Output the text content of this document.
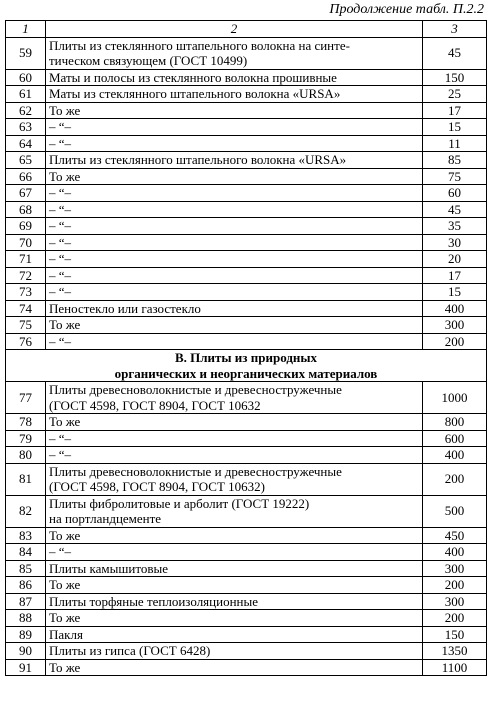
Продолжение табл. П.2.2
1	2	3
59	Плиты из стеклянного штапельного волокна на синте-
тическом связующем (ГОСТ 10499)	45
60	Маты и полосы из стеклянного волокна прошивные	150
61	Маты из стеклянного штапельного волокна «URSA»	25
62	То же	17
63	– “–	15
64	– “–	11
65	Плиты из стеклянного штапельного волокна «URSA»	85
66	То же	75
67	– “–	60
68	– “–	45
69	– “–	35
70	– “–	30
71	– “–	20
72	– “–	17
73	– “–	15
74	Пеностекло или газостекло	400
75	То же	300
76	– “–	200

В. Плиты из природных
органических и неорганических материалов		

77	Плиты древесноволокнистые и древесностружечные
(ГОСТ 4598, ГОСТ 8904, ГОСТ 10632	1000
78	То же	800
79	– “–	600
80	– “–	400
81	Плиты древесноволокнистые и древесностружечные
(ГОСТ 4598, ГОСТ 8904, ГОСТ 10632)	200
82	Плиты фибролитовые и арболит (ГОСТ 19222)
на портландцементе	500
83	То же	450
84	– “–	400
85	Плиты камышитовые	300
86	То же	200
87	Плиты торфяные теплоизоляционные	300
88	То же	200
89	Пакля	150
90	Плиты из гипса (ГОСТ 6428)	1350
91	То же	1100
